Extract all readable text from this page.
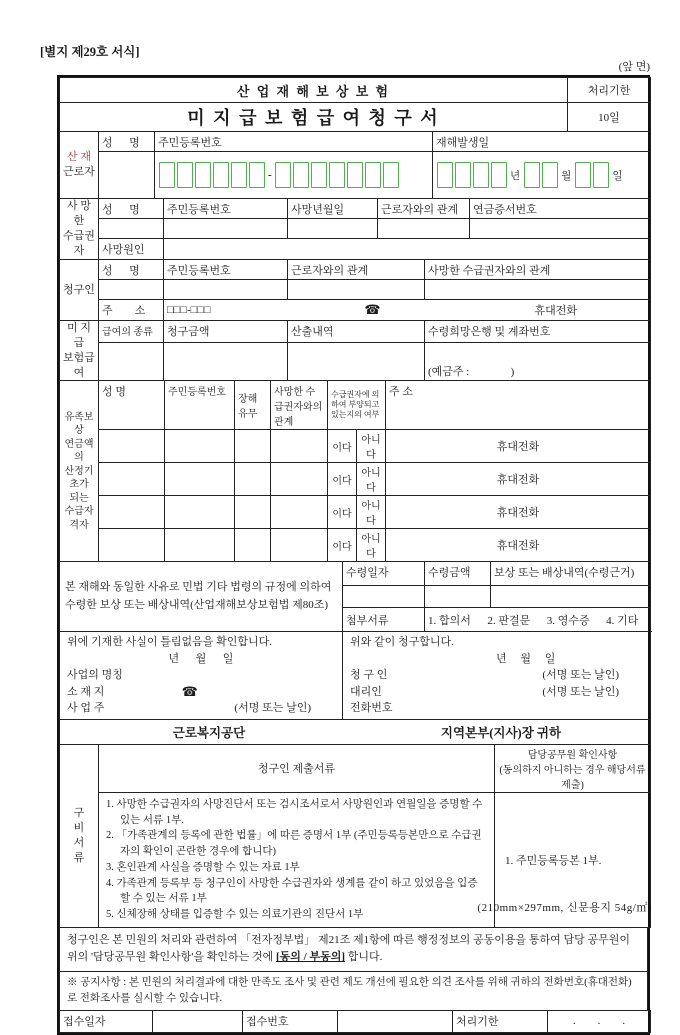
[별지 제29호 서식]
(앞 면)
산 업 재 해 보 상 보 험	처리기한
미 지 급 보 험 급 여 청 구 서	10일
산 재
근로자	성      명	주민등록번호	재해발생일

		-	년 월 일
사 망 한
수급권자	성      명	주민등록번호	사망년월일	근로자와의 관계	연금증서번호

	사망원인				
청구인	성      명	주민등록번호	근로자와의 관계	사망한 수급권자와의 관계

	주        소	□□□-□□□ ☎ 휴대전화		
미 지 급
보험급여	급여의 종류	청구금액	산출내역	수령희망은행 및 계좌번호
				(예금주 :               )
유족보상
연금액의
산정기초가
되는
수급자격자	성 명	주민등록번호	장해 유무	사망한 수급권자와의 관계	수급권자에 의하여 부양되고 있는지의 여부		주 소
					이다	아니다	휴대전화
					이다	아니다	휴대전화
					이다	아니다	휴대전화
					이다	아니다	휴대전화
본 재해와 동일한 사유로 민법 기타 법령의 규정에 의하여 수령한 보상 또는 배상내역(산업재해보상보험법 제80조)	수령일자	수령금액	보상 또는 배상내역(수령근거)	

	첨부서류	1. 합의서      2. 판결문      3. 영수증      4. 기타		
위에 기재한 사실이 틀림없음을 확인합니다.
년      월      일
사업의 명칭
소 재 지	☎
사 업 주	(서명 또는 날인)

위와 같이 청구합니다.
년     월     일
청 구 인	(서명 또는 날인)
대리인	(서명 또는 날인)
전화번호

근로복지공단	지역본부(지사)장 귀하
구
비
서
류
	청구인 제출서류	
담당공무원 확인사항
(동의하지 아니하는 경우 해당서류 제출)

	1. 사망한 수급권자의 사망진단서 또는 검시조서로서 사망원인과 연월일을 증명할 수 있는 서류 1부.
2. 「가족관계의 등록에 관한 법률」에 따른 증명서 1부 (주민등록등본만으로 수급권자의 확인이 곤란한 경우에 합니다)
3. 혼인관계 사실을 증명할 수 있는 자료 1부
4. 가족관계 등록부 등 청구인이 사망한 수급권자와 생계를 같이 하고 있었음을 입증할 수 있는 서류 1부
5. 신체장해 상태를 입증할 수 있는 의료기관의 진단서 1부	1. 주민등록등본 1부.
청구인은 본 민원의 처리와 관련하여 「전자정부법」 제21조 제1항에 따른 행정정보의 공동이용을 통하여 담당 공무원이 위의 '담당공무원 확인사항'을 확인하는 것에 [동의 / 부동의] 합니다.
※ 공지사항 : 본 민원의 처리결과에 대한 만족도 조사 및 관련 제도 개선에 필요한 의견 조사를 위해 귀하의 전화번호(휴대전화)로 전화조사를 실시할 수 있습니다.
접수일자		접수번호		처리기한	.        .        .
(210mm×297mm, 신문용지 54g/㎡)
